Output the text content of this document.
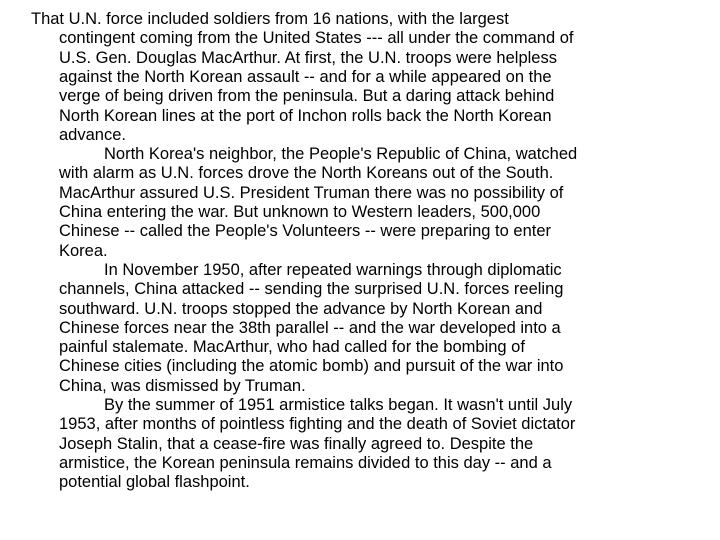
That U.N. force included soldiers from 16 nations, with the largest

contingent coming from the United States --- all under the command of

U.S. Gen. Douglas MacArthur. At first, the U.N. troops were helpless

against the North Korean assault -- and for a while appeared on the

verge of being driven from the peninsula. But a daring attack behind

North Korean lines at the port of Inchon rolls back the North Korean

advance.

North Korea's neighbor, the People's Republic of China, watched

with alarm as U.N. forces drove the North Koreans out of the South.

MacArthur assured U.S. President Truman there was no possibility of

China entering the war. But unknown to Western leaders, 500,000

Chinese -- called the People's Volunteers -- were preparing to enter

Korea.

In November 1950, after repeated warnings through diplomatic

channels, China attacked -- sending the surprised U.N. forces reeling

southward. U.N. troops stopped the advance by North Korean and

Chinese forces near the 38th parallel -- and the war developed into a

painful stalemate. MacArthur, who had called for the bombing of

Chinese cities (including the atomic bomb) and pursuit of the war into

China, was dismissed by Truman.

By the summer of 1951 armistice talks began. It wasn't until July

1953, after months of pointless fighting and the death of Soviet dictator

Joseph Stalin, that a cease-fire was finally agreed to. Despite the

armistice, the Korean peninsula remains divided to this day -- and a

potential global flashpoint.
